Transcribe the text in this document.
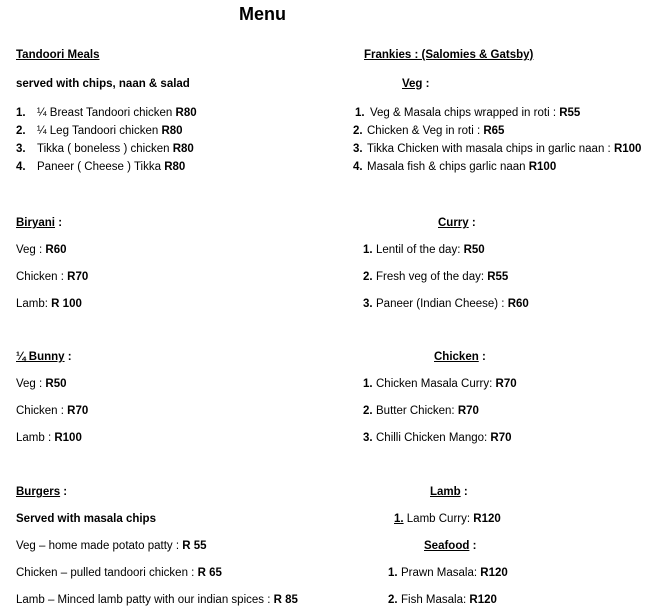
Menu
Tandoori Meals
served with chips, naan & salad
1. ¼ Breast Tandoori chicken R80
2. ¼ Leg Tandoori chicken R80
3. Tikka ( boneless ) chicken R80
4. Paneer ( Cheese ) Tikka R80
Biryani :
Veg : R60
Chicken : R70
Lamb: R 100
¼ Bunny :
Veg : R50
Chicken : R70
Lamb : R100
Burgers :
Served with masala chips
Veg – home made potato patty : R 55
Chicken – pulled tandoori chicken : R 65
Lamb – Minced lamb patty with our indian spices : R 85
Frankies : (Salomies & Gatsby)
Veg :
1. Veg & Masala chips wrapped in roti : R55
2. Chicken & Veg in roti : R65
3. Tikka Chicken with masala chips in garlic naan : R100
4. Masala fish & chips garlic naan R100
Curry :
1. Lentil of the day: R50
2. Fresh veg of the day: R55
3. Paneer (Indian Cheese) : R60
Chicken :
1. Chicken Masala Curry: R70
2. Butter Chicken: R70
3. Chilli Chicken Mango: R70
Lamb :
1. Lamb Curry: R120
Seafood :
1. Prawn Masala: R120
2. Fish Masala: R120
